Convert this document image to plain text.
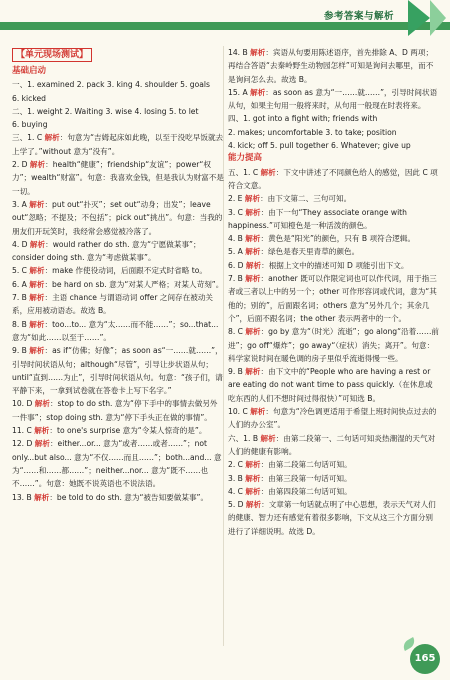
参考答案与解析
【单元现场测试】
基础启动
一、1. examined 2. pack 3. king 4. shoulder 5. goals
6. kicked
二、1. weight 2. Waiting 3. wise 4. losing 5. to let
6. buying
三、1. C 解析：句意为“吉姆起床如此晚，以至于没吃早饭就去上学了。”without 意为“没有”。
2. D 解析：health“健康”；friendship“友谊”；power“权力”；wealth“财富”。句意：我喜欢金钱，但是我认为财富不是一切。
3. A 解析：put out“扑灭”；set out“动身；出发”；leave out“忽略；不提及；不包括”；pick out“挑出”。句意：当我的朋友们开玩笑时，我经常会感觉被冷落了。
4. D 解析：would rather do sth. 意为“宁愿做某事”；consider doing sth. 意为“考虑做某事”。
5. C 解析：make 作使役动词，后面跟不定式时省略 to。
6. A 解析：be hard on sb. 意为“对某人严格；对某人苛刻”。
7. B 解析：主语 chance 与谓语动词 offer 之间存在被动关系，应用被动语态。故选 B。
8. B 解析：too...to... 意为“太……而不能……”；so...that... 意为“如此……以至于……”。
9. B 解析：as if“仿佛；好像”；as soon as“一……就……”，引导时间状语从句；although“尽管”，引导让步状语从句；until“直到……为止”，引导时间状语从句。句意：“孩子们，请平静下来，一拿到试卷就在答卷卡上写下名字。”
10. D 解析：stop to do sth. 意为“停下手中的事情去做另外一件事”；stop doing sth. 意为“停下手头正在做的事情”。
11. C 解析：to one's surprise 意为“令某人惊奇的是”。
12. D 解析：either...or... 意为“或者……或者……”；not only...but also... 意为“不仅……而且……”；both...and... 意为“……和……都……”；neither...nor... 意为“既不……也不……”。句意：她既不说英语也不说法语。
13. B 解析：be told to do sth. 意为“被告知要做某事”。
14. B 解析：宾语从句要用陈述语序，首先排除 A、D 两项；再结合答语“去秦岭野生动物园怎样”可知是询问去哪里，而不是询问怎么去。故选 B。
15. A 解析：as soon as 意为“一……就……”，引导时间状语从句，如果主句用一般将来时，从句用一般现在时表将来。
四、1. got into a fight with; friends with
2. makes; uncomfortable 3. to take; position
4. kick; off 5. pull together 6. Whatever; give up
能力提高
五、1. C 解析：下文中讲述了不同颜色给人的感觉，因此 C 项符合文意。
2. E 解析：由下文第二、三句可知。
3. C 解析：由下一句“They associate orange with happiness.”可知橙色是一种活泼的颜色。
4. B 解析：黄色是“阳光”的颜色，只有 B 项符合逻辑。
5. A 解析：绿色是春天里青草的颜色。
6. D 解析：根据上文中的描述可知 D 项能引出下文。
7. B 解析：another 既可以作限定词也可以作代词，用于指三者或三者以上中的另一个；other 可作形容词或代词，意为“其他的；别的”，后面跟名词；others 意为“另外几个；其余几个”，后面不跟名词；the other 表示两者中的一个。
8. C 解析：go by 意为“（时光）流逝”；go along“沿着……前进”；go off“爆炸”；go away“（症状）消失；离开”。句意：科学家说时间在暖色调的房子里似乎流逝得慢一些。
9. B 解析：由下文中的“People who are having a rest or are eating do not want time to pass quickly.（在休息或吃东西的人们不想时间过得很快）”可知选 B。
10. C 解析：句意为“冷色调更适用于希望上班时间快点过去的人们的办公室”。
六、1. B 解析：由第二段第一、二句话可知炎热潮湿的天气对人们的健康有影响。
2. C 解析：由第二段第二句话可知。
3. B 解析：由第三段第一句话可知。
4. C 解析：由第四段第二句话可知。
5. D 解析：文章第一句话就点明了中心思想，表示天气对人们的健康、智力还有感觉有着很多影响，下文从这三个方面分别进行了详细说明。故选 D。
165
